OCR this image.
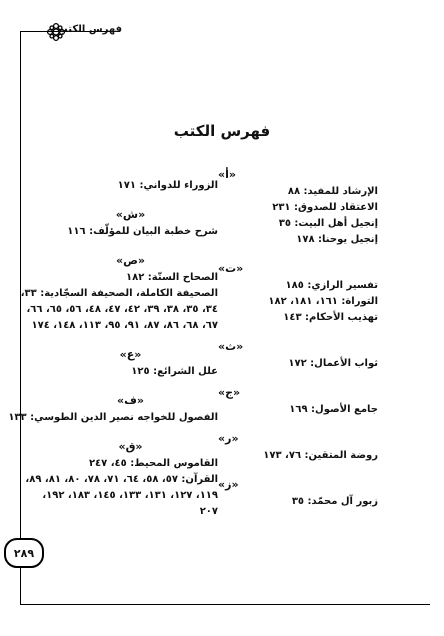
فهرس الكتب
٢٨٩
فهرس الكتب
«أ»
الإرشاد للمفيد: ٨٨
الاعتقاد للصدوق: ٢٣١
إنجيل أهل البيت: ٣٥
إنجيل يوحنا: ١٧٨
«ت»
تفسير الرازي: ١٨٥
التوراة: ١٦١، ١٨١، ١٨٢
تهذيب الأحكام: ١٤٣
«ث»
ثواب الأعمال: ١٧٢
«ج»
جامع الأصول: ١٦٩
«ر»
روضة المتقين: ٧٦، ١٧٣
«ز»
زبور آل محمّد: ٣٥
الزوراء للدواني: ١٧١
«ش»
شرح خطبة البيان للمؤلّف: ١١٦
«ص»
الصحاح الستّة: ١٨٢
الصحيفة الكاملة، الصحيفة السجّادية: ٣٣،
٣٤، ٣٥، ٣٨، ٣٩، ٤٢، ٤٧، ٤٨، ٥٦، ٦٥، ٦٦،
٦٧، ٦٨، ٨٦، ٨٧، ٩١، ٩٥، ١١٣، ١٤٨، ١٧٤
«ع»
علل الشرائع: ١٢٥
«ف»
الفصول للخواجه نصير الدين الطوسي: ١٣٣
«ق»
القاموس المحيط: ٤٥، ٢٤٧
القرآن: ٥٧، ٥٨، ٦٤، ٧١، ٧٨، ٨٠، ٨١، ٨٩،
١١٩، ١٢٧، ١٣١، ١٣٣، ١٤٥، ١٨٣، ١٩٢،
٢٠٧
